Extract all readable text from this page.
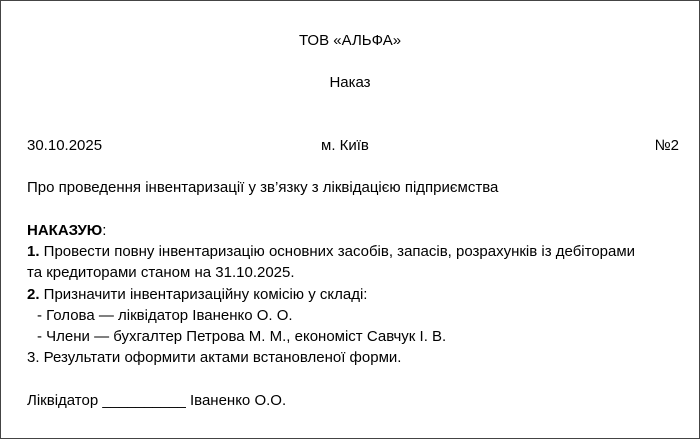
ТОВ «АЛЬФА»
Наказ
30.10.2025	м. Київ	№2
Про проведення інвентаризації у зв’язку з ліквідацією підприємства
НАКАЗУЮ:
1. Провести повну інвентаризацію основних засобів, запасів, розрахунків із дебіторами
та кредиторами станом на 31.10.2025.
2. Призначити інвентаризаційну комісію у складі:
- Голова — ліквідатор Іваненко О. О.
- Члени — бухгалтер Петрова М. М., економіст Савчук І. В.
3. Результати оформити актами встановленої форми.
Ліквідатор __________ Іваненко О.О.
